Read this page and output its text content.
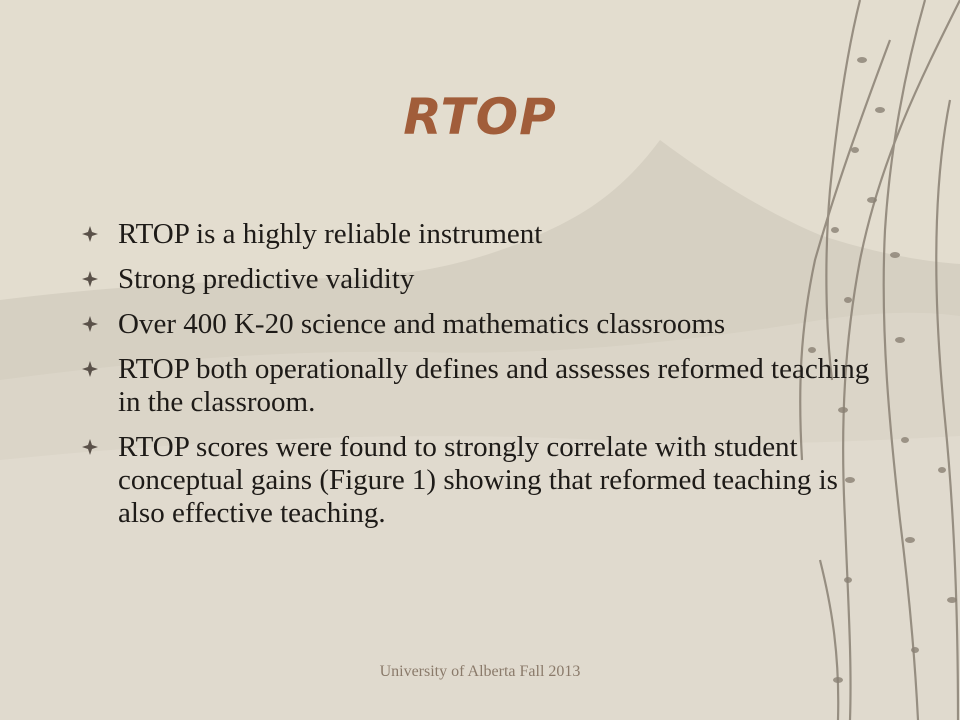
RTOP
RTOP is a highly reliable instrument
Strong predictive validity
Over 400 K-20 science and mathematics classrooms
RTOP both operationally defines and assesses reformed teaching in the classroom.
RTOP scores were found to strongly correlate with student conceptual gains (Figure 1) showing that reformed teaching is also effective teaching.
University of Alberta Fall 2013
